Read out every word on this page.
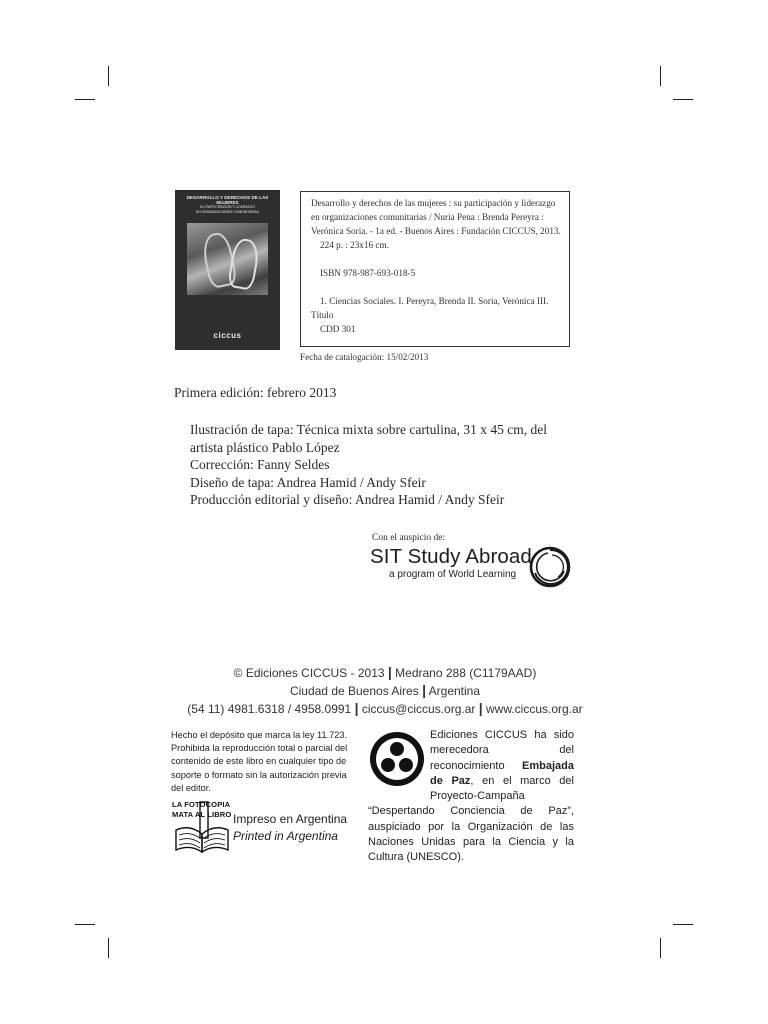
DESARROLLO Y DERECHOS DE LAS MUJERES
SU PARTICIPACIÓN Y LIDERAZGO
EN ORGANIZACIONES COMUNITARIAS
ciccus

Desarrollo y derechos de las mujeres : su participación y liderazgo

en organizaciones comunitarias / Nuria Pena : Brenda Pereyra :

Verónica Soria. - 1a ed. - Buenos Aires : Fundación CICCUS, 2013.

224 p. : 23x16 cm.

ISBN 978-987-693-018-5

1. Ciencias Sociales. I. Pereyra, Brenda II. Soria, Verónica III.

Título

CDD 301

Fecha de catalogación: 15/02/2013
Primera edición: febrero 2013
Ilustración de tapa: Técnica mixta sobre cartulina, 31 x 45 cm, del
artista plástico Pablo López
Corrección: Fanny Seldes
Diseño de tapa: Andrea Hamid / Andy Sfeir
Producción editorial y diseño: Andrea Hamid / Andy Sfeir
Con el auspicio de:
SIT Study Abroad
a program of World Learning
© Ediciones CICCUS - 2013 | Medrano 288 (C1179AAD)
Ciudad de Buenos Aires | Argentina
(54 11) 4981.6318 / 4958.0991 | ciccus@ciccus.org.ar | www.ciccus.org.ar
Hecho el depósito que marca la ley 11.723. Prohibida la reproducción total o parcial del contenido de este libro en cualquier tipo de soporte o formato sin la autorización previa del editor.
LA FOTOCOPIA
MATA AL LIBRO Impreso en Argentina
Printed in Argentina
Ediciones CICCUS ha sido merecedora del reconocimiento Embajada de Paz, en el marco del Proyecto-Campaña “Despertando Conciencia de Paz”, auspiciado por la Organización de las Naciones Unidas para la Ciencia y la Cultura (UNESCO).
